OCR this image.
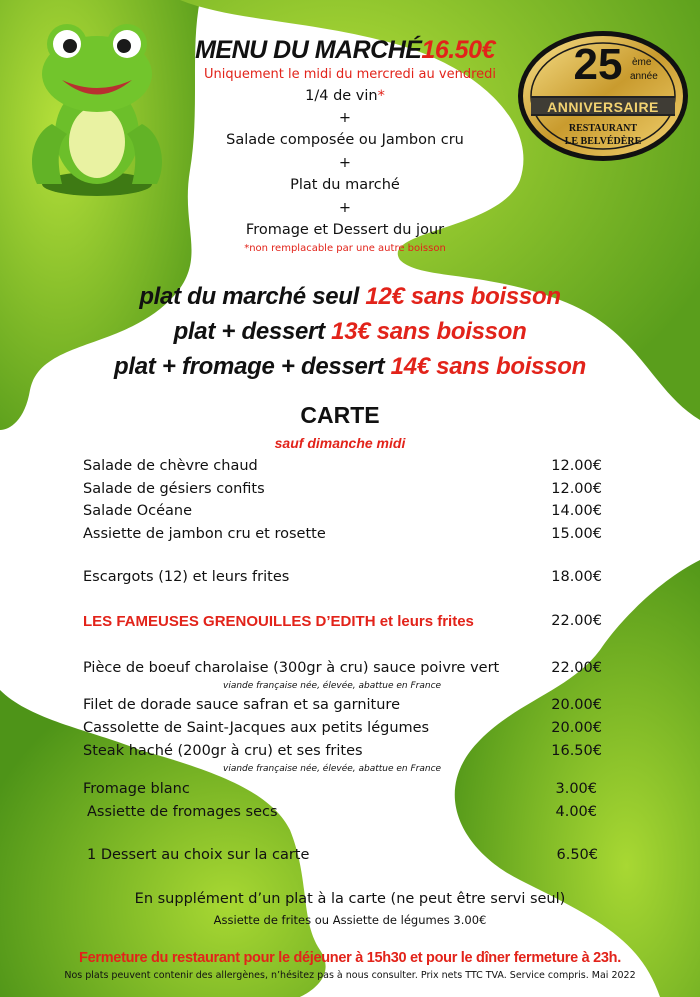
25 ème
année
ANNIVERSAIRE
RESTAURANT
LE BELVÉDÈRE
MENU DU MARCHÉ16.50€
Uniquement le midi du mercredi au vendredi
1/4 de vin*
+
Salade composée ou Jambon cru
+
Plat du marché
+
Fromage et Dessert du jour
*non remplacable par une autre boisson
plat du marché seul 12€ sans boisson
plat + dessert 13€ sans boisson
plat + fromage + dessert 14€ sans boisson
CARTE
sauf dimanche midi
Salade de chèvre chaud	12.00€
Salade de gésiers confits	12.00€
Salade Océane	14.00€
Assiette de jambon cru et rosette	15.00€
Escargots (12) et leurs frites	18.00€
LES FAMEUSES GRENOUILLES D’EDITH et leurs frites	22.00€
Pièce de boeuf charolaise (300gr à cru) sauce poivre vert	22.00€
viande française née, élevée, abattue en France
Filet de dorade sauce safran et sa garniture	20.00€
Cassolette de Saint-Jacques aux petits légumes	20.00€
Steak haché (200gr à cru) et ses frites	16.50€
viande française née, élevée, abattue en France
Fromage blanc	3.00€
Assiette de fromages secs	4.00€
1 Dessert au choix sur la carte	6.50€
En supplément d’un plat à la carte (ne peut être servi seul)
Assiette de frites ou Assiette de légumes 3.00€
Fermeture du restaurant pour le déjeuner à 15h30 et pour le dîner fermeture à 23h.
Nos plats peuvent contenir des allergènes, n’hésitez pas à nous consulter. Prix nets TTC TVA. Service compris. Mai 2022
